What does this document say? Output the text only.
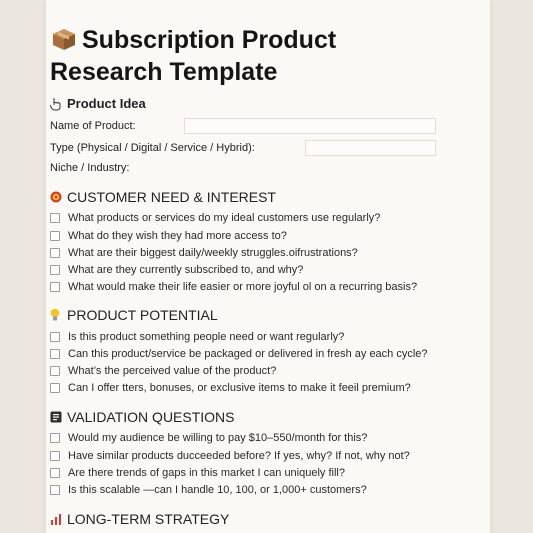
Subscription Product
Research Template
Product Idea
Name of Product:
Type (Physical / Digital / Service / Hybrid):
Niche / Industry:
CUSTOMER NEED & INTEREST
What products or services do my ideal customers use regularly?
What do they wish they had more access to?
What are their biggest daily/weekly struggles.oifrustrations?
What are they currently subscribed to, and why?
What would make their life easier or more joyful ol on a recurring basis?
PRODUCT POTENTIAL
Is this product something people need or want regularly?
Can this product/service be packaged or delivered in fresh ay each cycle?
What’s the perceived value of the product?
Can I offer tters, bonuses, or exclusive items to make it feeil premium?
VALIDATION QUESTIONS
Would my audience be willing to pay $10–550/month for this?
Have similar products ducceeded before? If yes, why? If not, why not?
Are there trends of gaps in this market I can uniquely fill?
Is this scalable —can I handle 10, 100, or 1,000+ customers?
LONG-TERM STRATEGY
